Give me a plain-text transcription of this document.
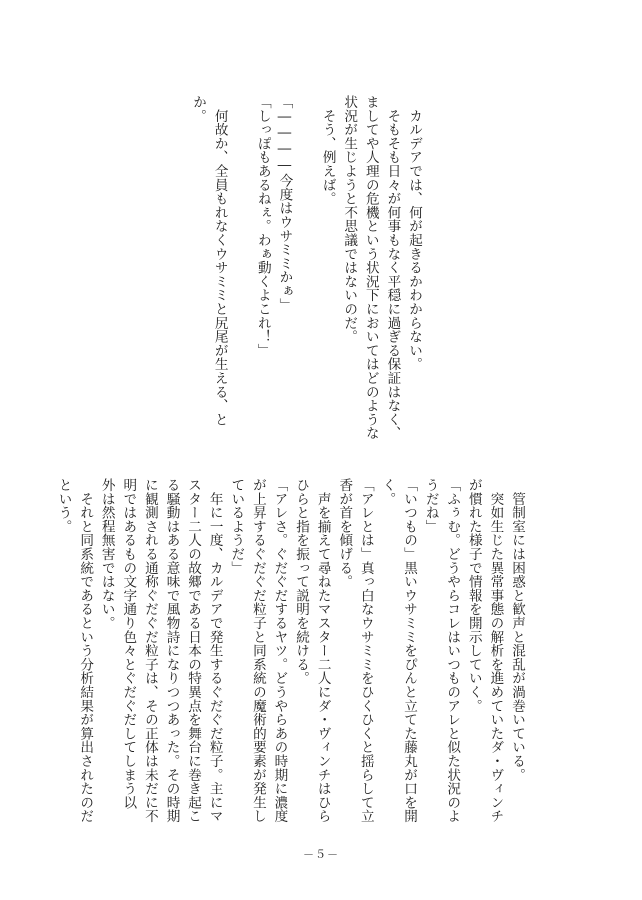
　カルデアでは、何が起きるかわからない。
　そもそも日々が何事もなく平穏に過ぎる保証はなく、
ましてや人理の危機という状況下においてはどのような
状況が生じようと不思議ではないのだ。
　そう、例えば。

「――――今度はウサミミかぁ」
「しっぽもあるねぇ。わぁ動くよこれ！」

　何故か、全員もれなくウサミミと尻尾が生える、と
か。
　管制室には困惑と歓声と混乱が渦巻いている。
　突如生じた異常事態の解析を進めていたダ・ヴィンチ
が慣れた様子で情報を開示していく。
「ふぅむ。どうやらコレはいつものアレと似た状況のよ
うだね」
「いつもの」黒いウサミミをぴんと立てた藤丸が口を開
く。
「アレとは」真っ白なウサミミをひくひくと揺らして立
香が首を傾げる。
　声を揃えて尋ねたマスター二人にダ・ヴィンチはひら
ひらと指を振って説明を続ける。
「アレさ。ぐだぐだするヤツ。どうやらあの時期に濃度
が上昇するぐだぐだ粒子と同系統の魔術的要素が発生し
ているようだ」
　年に一度、カルデアで発生するぐだぐだ粒子。主にマ
スター二人の故郷である日本の特異点を舞台に巻き起こ
る騒動はある意味で風物詩になりつつあった。その時期
に観測される通称ぐだぐだ粒子は、その正体は未だに不
明ではあるもの文字通り色々とぐだぐだしてしまう以
外は然程無害ではない。
　それと同系統であるという分析結果が算出されたのだ
という。
－５－
